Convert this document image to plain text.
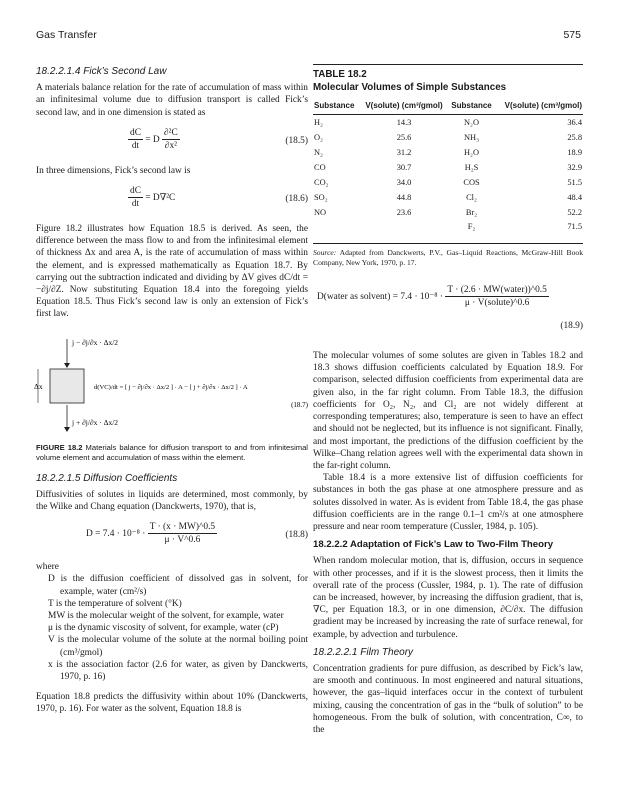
Gas Transfer	575
18.2.2.1.4 Fick’s Second Law

A materials balance relation for the rate of accumulation of mass within an infinitesimal volume due to diffusion transport is called Fick’s second law, and in one dimension is stated as

$\frac{dC}{dt} = D \frac{\text{∂²C}}{\text{∂x²}}$	(18.5)

In three dimensions, Fick’s second law is

$\frac{dC}{dt} = D\nabla^2C$	(18.6)

Figure 18.2 illustrates how Equation 18.5 is derived. As seen, the difference between the mass flow to and from the infinitesimal element of thickness Δx and area A, is the rate of accumulation of mass within the element, and is expressed mathematically as Equation 18.7. By carrying out the subtraction indicated and dividing by ΔV gives dC/dt = −∂j/∂Z. Now substituting Equation 18.4 into the foregoing yields Equation 18.5. Thus Fick’s second law is only an extension of Fick’s first law.

j − ∂j/∂x · Δx/2
j + ∂j/∂x · Δx/2
Δx	d(VC)/dt = [ j − ∂j/∂x · Δx/2 ] · A − [ j + ∂j/∂x · Δx/2 ] · A
(18.7)

FIGURE 18.2 Materials balance for diffusion transport to and from infinitesimal volume element and accumulation of mass within the element.

18.2.2.1.5 Diffusion Coefficients

Diffusivities of solutes in liquids are determined, most commonly, by the Wilke and Chang equation (Danckwerts, 1970), that is,

$D = 7.4 \cdot 10^{-8} \cdot \frac{T \cdot (x \cdot MW)\^{}0.5}{\mu \cdot V\^{}0.6}$	(18.8)

where

D is the diffusion coefficient of dissolved gas in solvent, for example, water (cm²/s)

T is the temperature of solvent (°K)

MW is the molecular weight of the solvent, for example, water

μ is the dynamic viscosity of solvent, for example, water (cP)

V is the molecular volume of the solute at the normal boiling point (cm³/gmol)

x is the association factor (2.6 for water, as given by Danckwerts, 1970, p. 16)

Equation 18.8 predicts the diffusivity within about 10% (Danckwerts, 1970, p. 16). For water as the solvent, Equation 18.8 is

TABLE 18.2
Molecular Volumes of Simple Substances
Substance	V(solute) (cm³/gmol)	Substance	V(solute) (cm³/gmol)
H₂	14.3	N₂O	36.4
O₂	25.6	NH₃	25.8
N₂	31.2	H₂O	18.9
CO	30.7	H₂S	32.9
CO₂	34.0	COS	51.5
SO₂	44.8	Cl₂	48.4
NO	23.6	Br₂	52.2
		F₂	71.5

Source: Adapted from Danckwerts, P.V., Gas–Liquid Reactions, McGraw-Hill Book Company, New York, 1970, p. 17.

D(water as solvent) = $7.4 \cdot 10^{-8} \cdot \frac{\text{T · (2.6 · MW(water))\textasciicircum{}0.5}}{\text{μ · V(solute)\textasciicircum{}0.6}}$
(18.9)

The molecular volumes of some solutes are given in Tables 18.2 and 18.3 shows diffusion coefficients calculated by Equation 18.9. For comparison, selected diffusion coefficients from experimental data are given also, in the far right column. From Table 18.3, the diffusion coefficients for O₂, N₂, and Cl₂ are not widely different at corresponding temperatures; also, temperature is seen to have an effect and should not be neglected, but its influence is not significant. Finally, and most important, the predictions of the diffusion coefficient by the Wilke–Chang relation agrees well with the experimental data shown in the far-right column.

Table 18.4 is a more extensive list of diffusion coefficients for substances in both the gas phase at one atmosphere pressure and as solutes dissolved in water. As is evident from Table 18.4, the gas phase diffusion coefficients are in the range 0.1–1 cm²/s at one atmosphere pressure and near room temperature (Cussler, 1984, p. 105).

18.2.2.2 Adaptation of Fick’s Law to Two-Film Theory

When random molecular motion, that is, diffusion, occurs in sequence with other processes, and if it is the slowest process, then it limits the overall rate of the process (Cussler, 1984, p. 1). The rate of diffusion can be increased, however, by increasing the diffusion gradient, that is, ∇C, per Equation 18.3, or in one dimension, ∂C/∂x. The diffusion gradient may be increased by increasing the rate of surface renewal, for example, by advection and turbulence.

18.2.2.2.1 Film Theory

Concentration gradients for pure diffusion, as described by Fick’s law, are smooth and continuous. In most engineered and natural situations, however, the gas–liquid interfaces occur in the context of turbulent mixing, causing the concentration of gas in the “bulk of solution” to be homogeneous. From the bulk of solution, with concentration, C∞, to the
